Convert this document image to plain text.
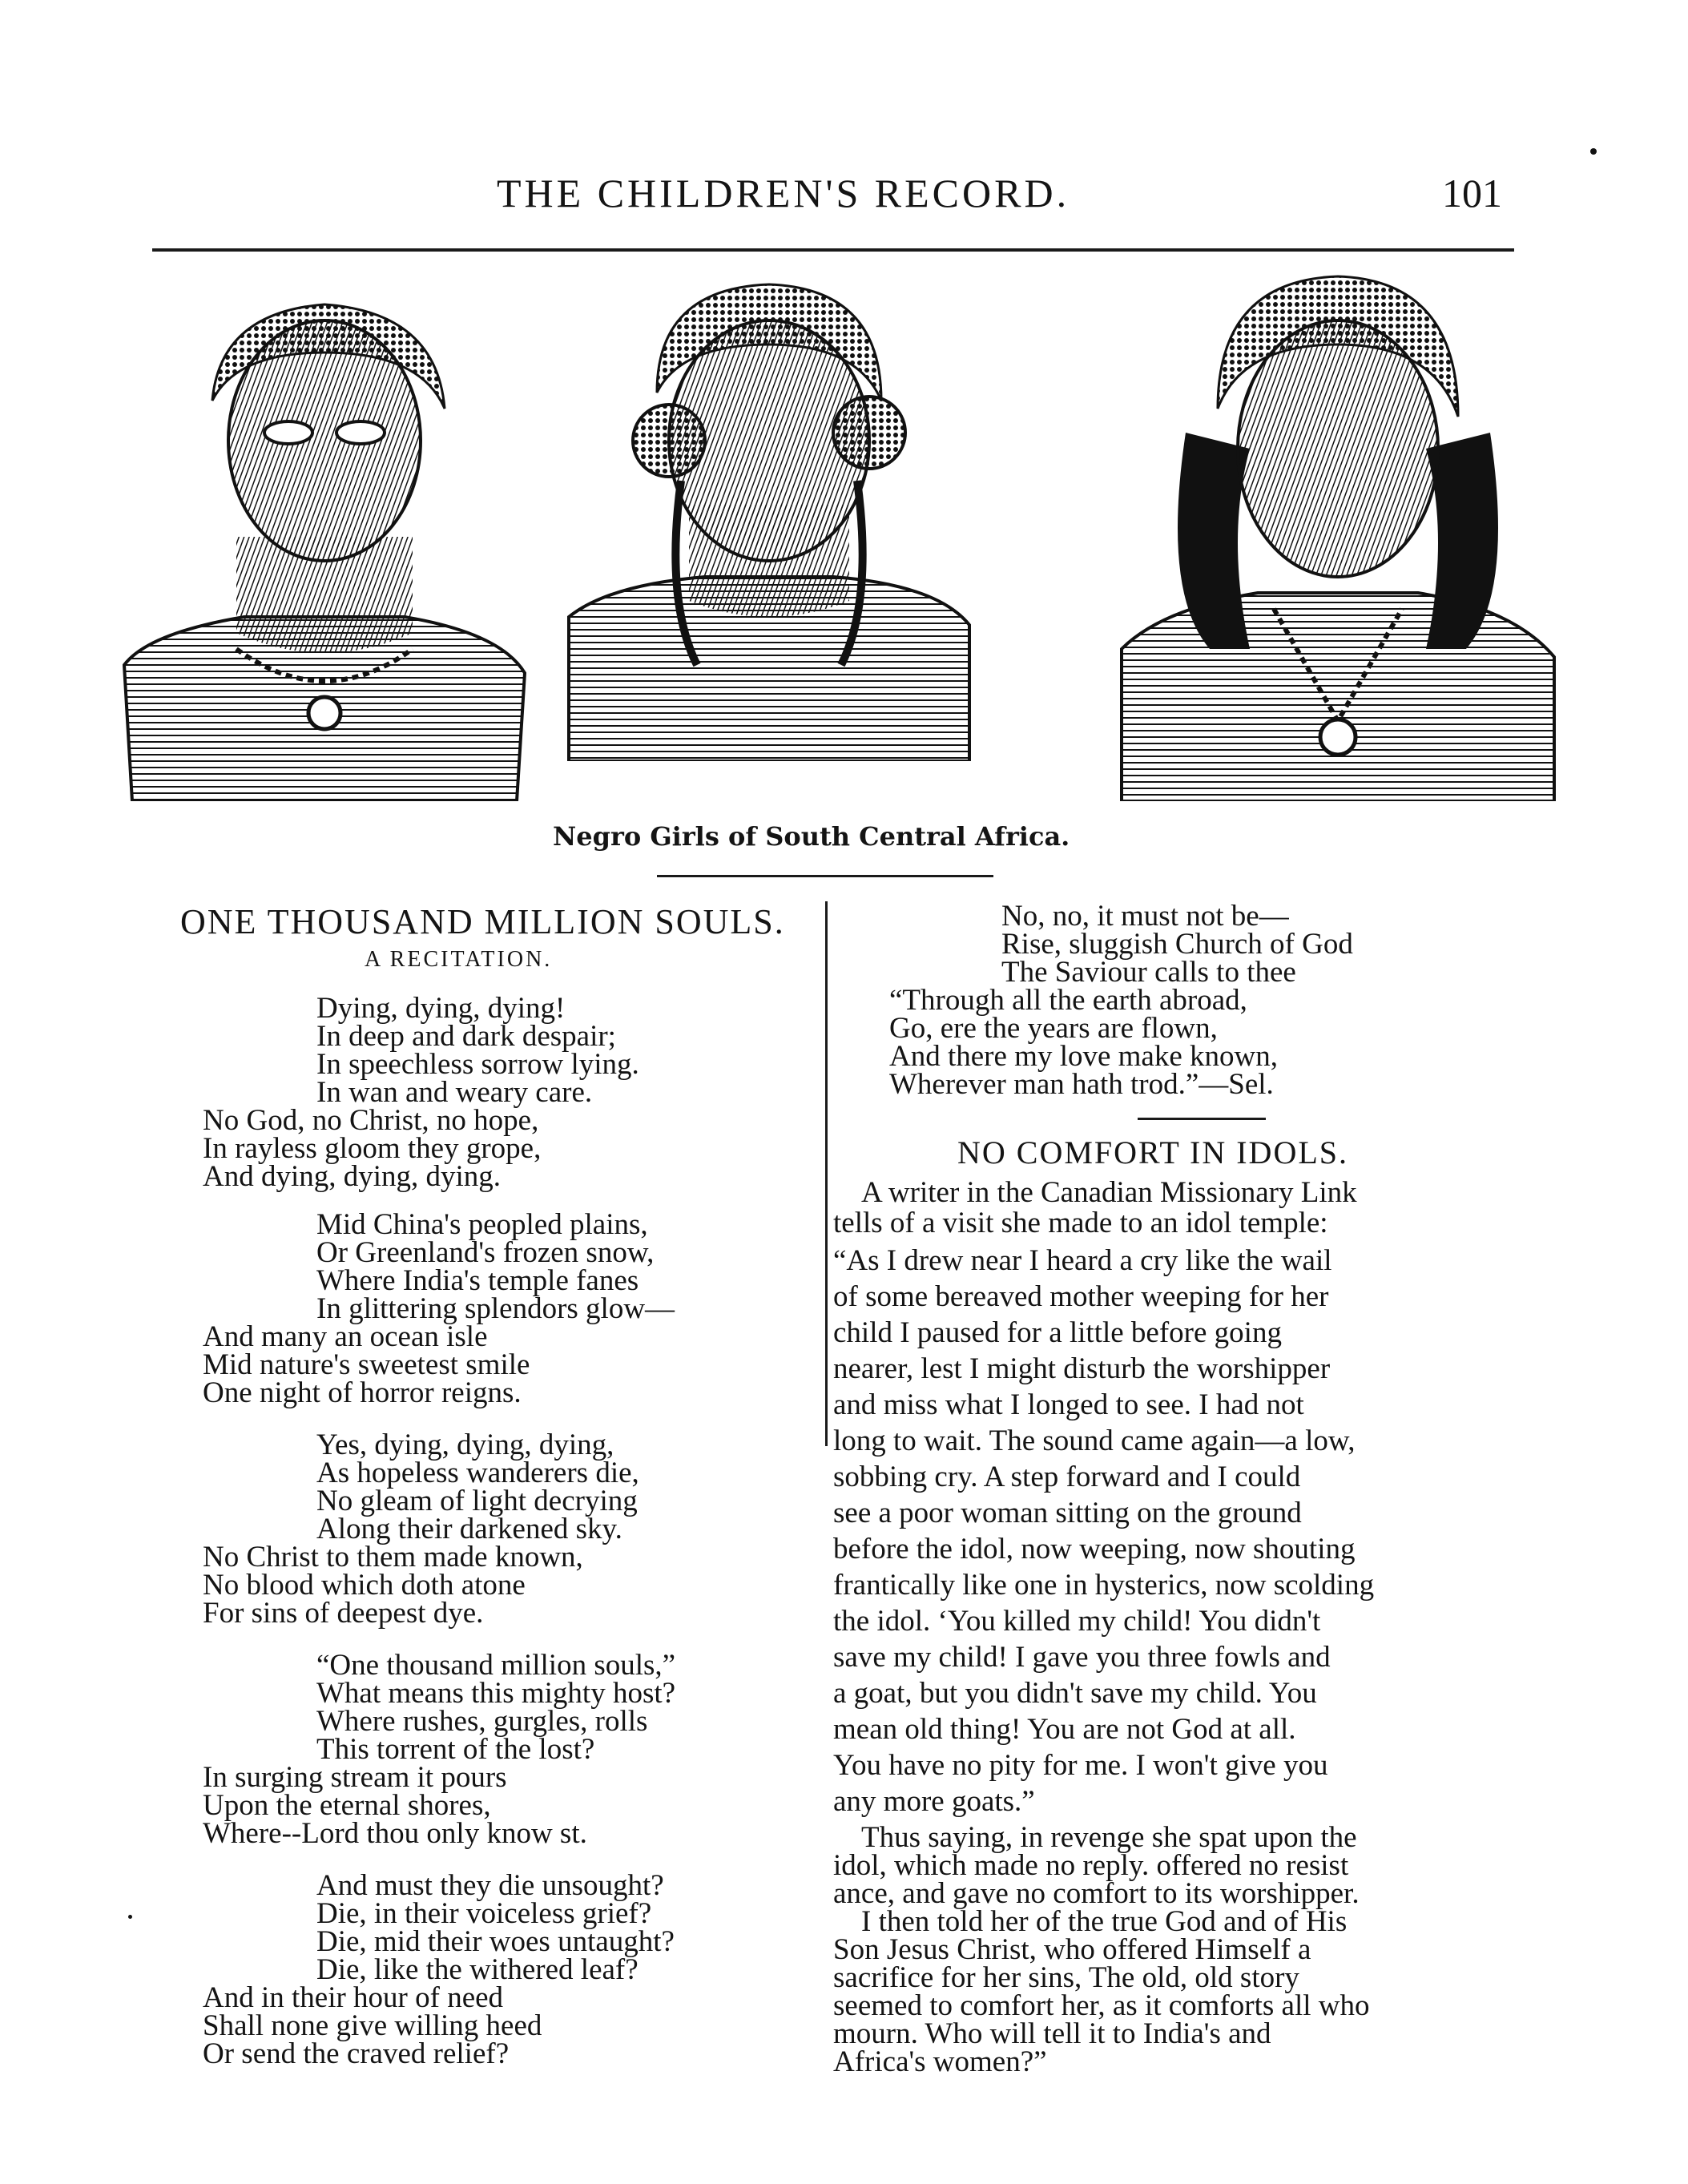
THE CHILDREN'S RECORD.	101
Negro Girls of South Central Africa.
ONE THOUSAND MILLION SOULS.
A RECITATION.
Dying, dying, dying!
In deep and dark despair;
In speechless sorrow lying.
In wan and weary care.
No God, no Christ, no hope,
In rayless gloom they grope,
And dying, dying, dying.
Mid China's peopled plains,
Or Greenland's frozen snow,
Where India's temple fanes
In glittering splendors glow—
And many an ocean isle
Mid nature's sweetest smile
One night of horror reigns.
Yes, dying, dying, dying,
As hopeless wanderers die,
No gleam of light decrying
Along their darkened sky.
No Christ to them made known,
No blood which doth atone
For sins of deepest dye.
“One thousand million souls,”
What means this mighty host?
Where rushes, gurgles, rolls
This torrent of the lost?
In surging stream it pours
Upon the eternal shores,
Where--Lord thou only know st.
And must they die unsought?
Die, in their voiceless grief?
Die, mid their woes untaught?
Die, like the withered leaf?
And in their hour of need
Shall none give willing heed
Or send the craved relief?
No, no, it must not be—
Rise, sluggish Church of God
The Saviour calls to thee
“Through all the earth abroad,
Go, ere the years are flown,
And there my love make known,
Wherever man hath trod.”—Sel.
NO COMFORT IN IDOLS.
A writer in the Canadian Missionary Link
tells of a visit she made to an idol temple:
“As I drew near I heard a cry like the wail
of some bereaved mother weeping for her
child I paused for a little before going
nearer, lest I might disturb the worshipper
and miss what I longed to see. I had not
long to wait. The sound came again—a low,
sobbing cry. A step forward and I could
see a poor woman sitting on the ground
before the idol, now weeping, now shouting
frantically like one in hysterics, now scolding
the idol. ‘You killed my child! You didn't
save my child! I gave you three fowls and
a goat, but you didn't save my child. You
mean old thing! You are not God at all.
You have no pity for me. I won't give you
any more goats.”
Thus saying, in revenge she spat upon the
idol, which made no reply. offered no resist
ance, and gave no comfort to its worshipper.
I then told her of the true God and of His
Son Jesus Christ, who offered Himself a
sacrifice for her sins, The old, old story
seemed to comfort her, as it comforts all who
mourn. Who will tell it to India's and
Africa's women?”
